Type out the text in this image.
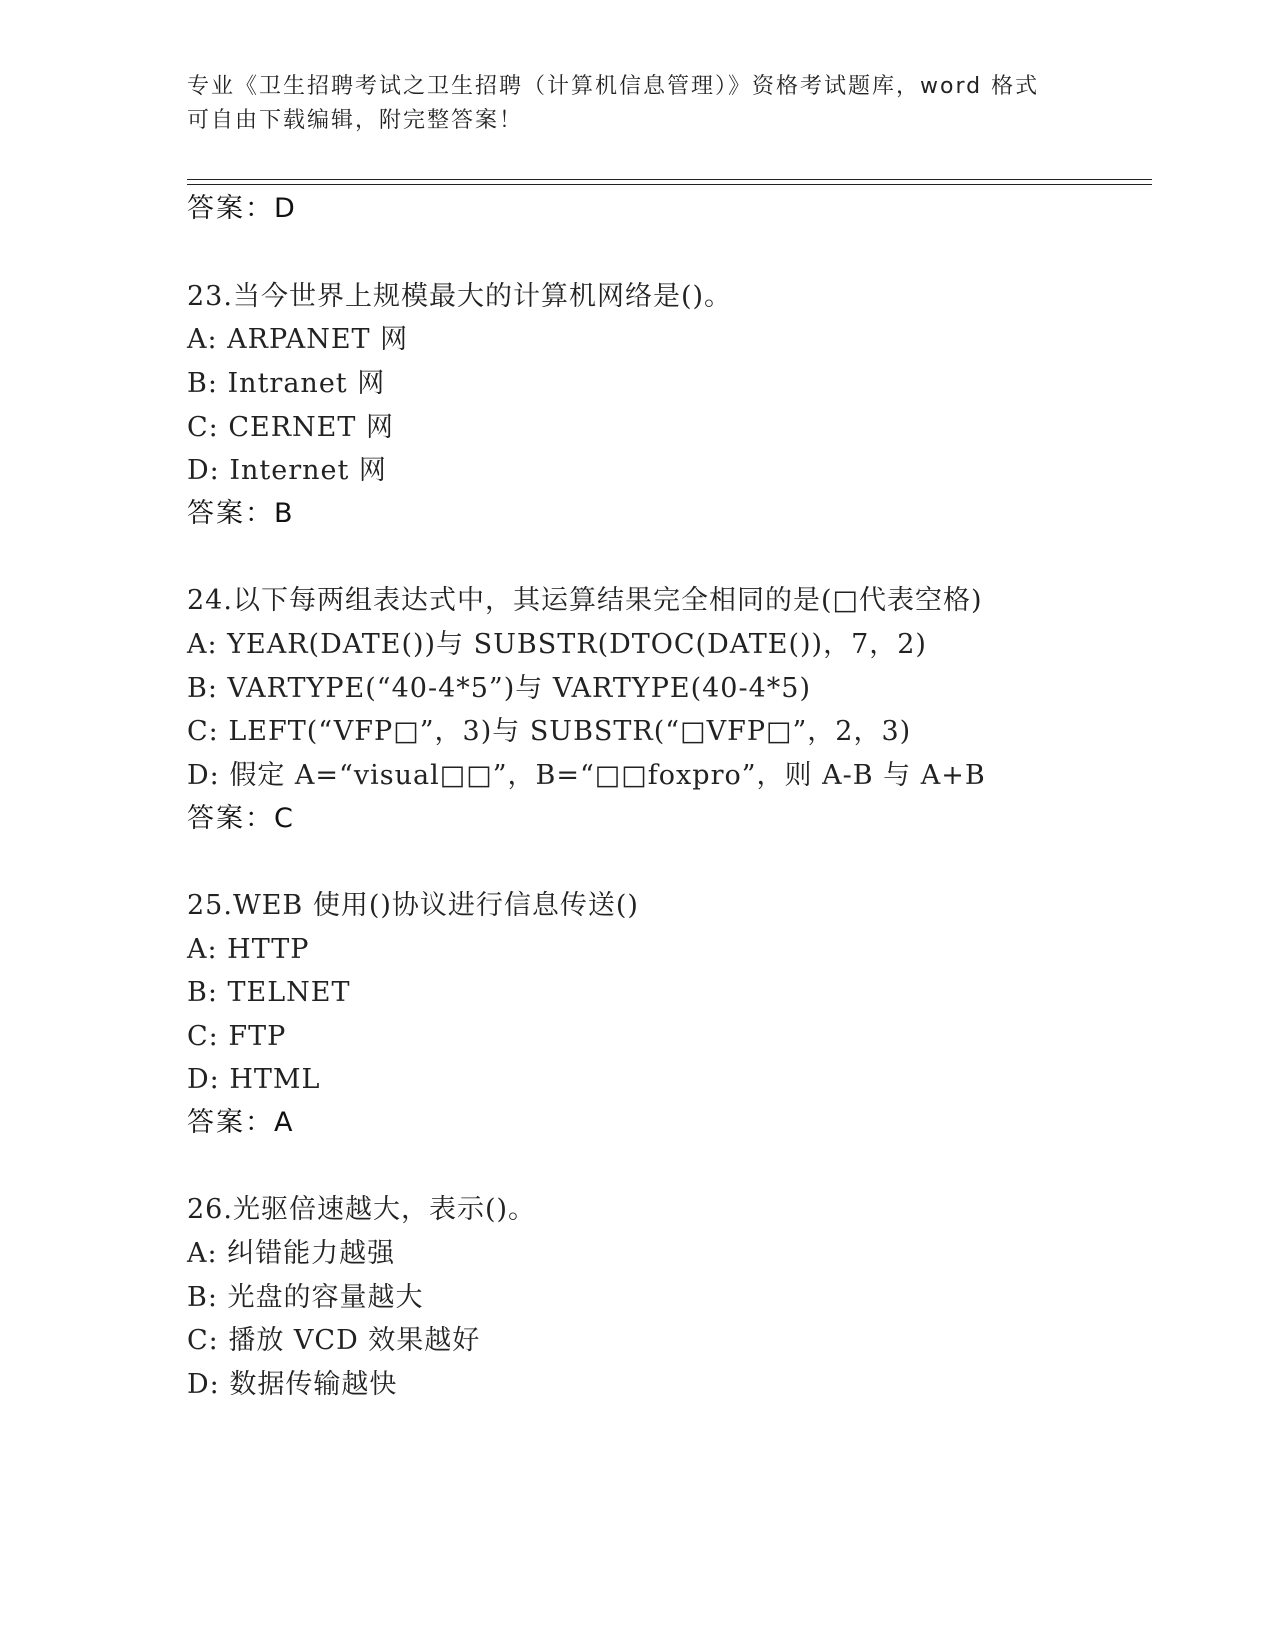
专业《卫生招聘考试之卫生招聘（计算机信息管理）》资格考试题库，word 格式
可自由下载编辑，附完整答案！
答案：D
23.当今世界上规模最大的计算机网络是()。
A: ARPANET 网
B: Intranet 网
C: CERNET 网
D: Internet 网
答案：B
24.以下每两组表达式中，其运算结果完全相同的是(□代表空格)
A: YEAR(DATE())与 SUBSTR(DTOC(DATE())，7，2)
B: VARTYPE(“40-4*5”)与 VARTYPE(40-4*5)
C: LEFT(“VFP□”，3)与 SUBSTR(“□VFP□”，2，3)
D: 假定 A=“visual□□”，B=“□□foxpro”，则 A-B 与 A+B
答案：C
25.WEB 使用()协议进行信息传送()
A: HTTP
B: TELNET
C: FTP
D: HTML
答案：A
26.光驱倍速越大，表示()。
A: 纠错能力越强
B: 光盘的容量越大
C: 播放 VCD 效果越好
D: 数据传输越快
